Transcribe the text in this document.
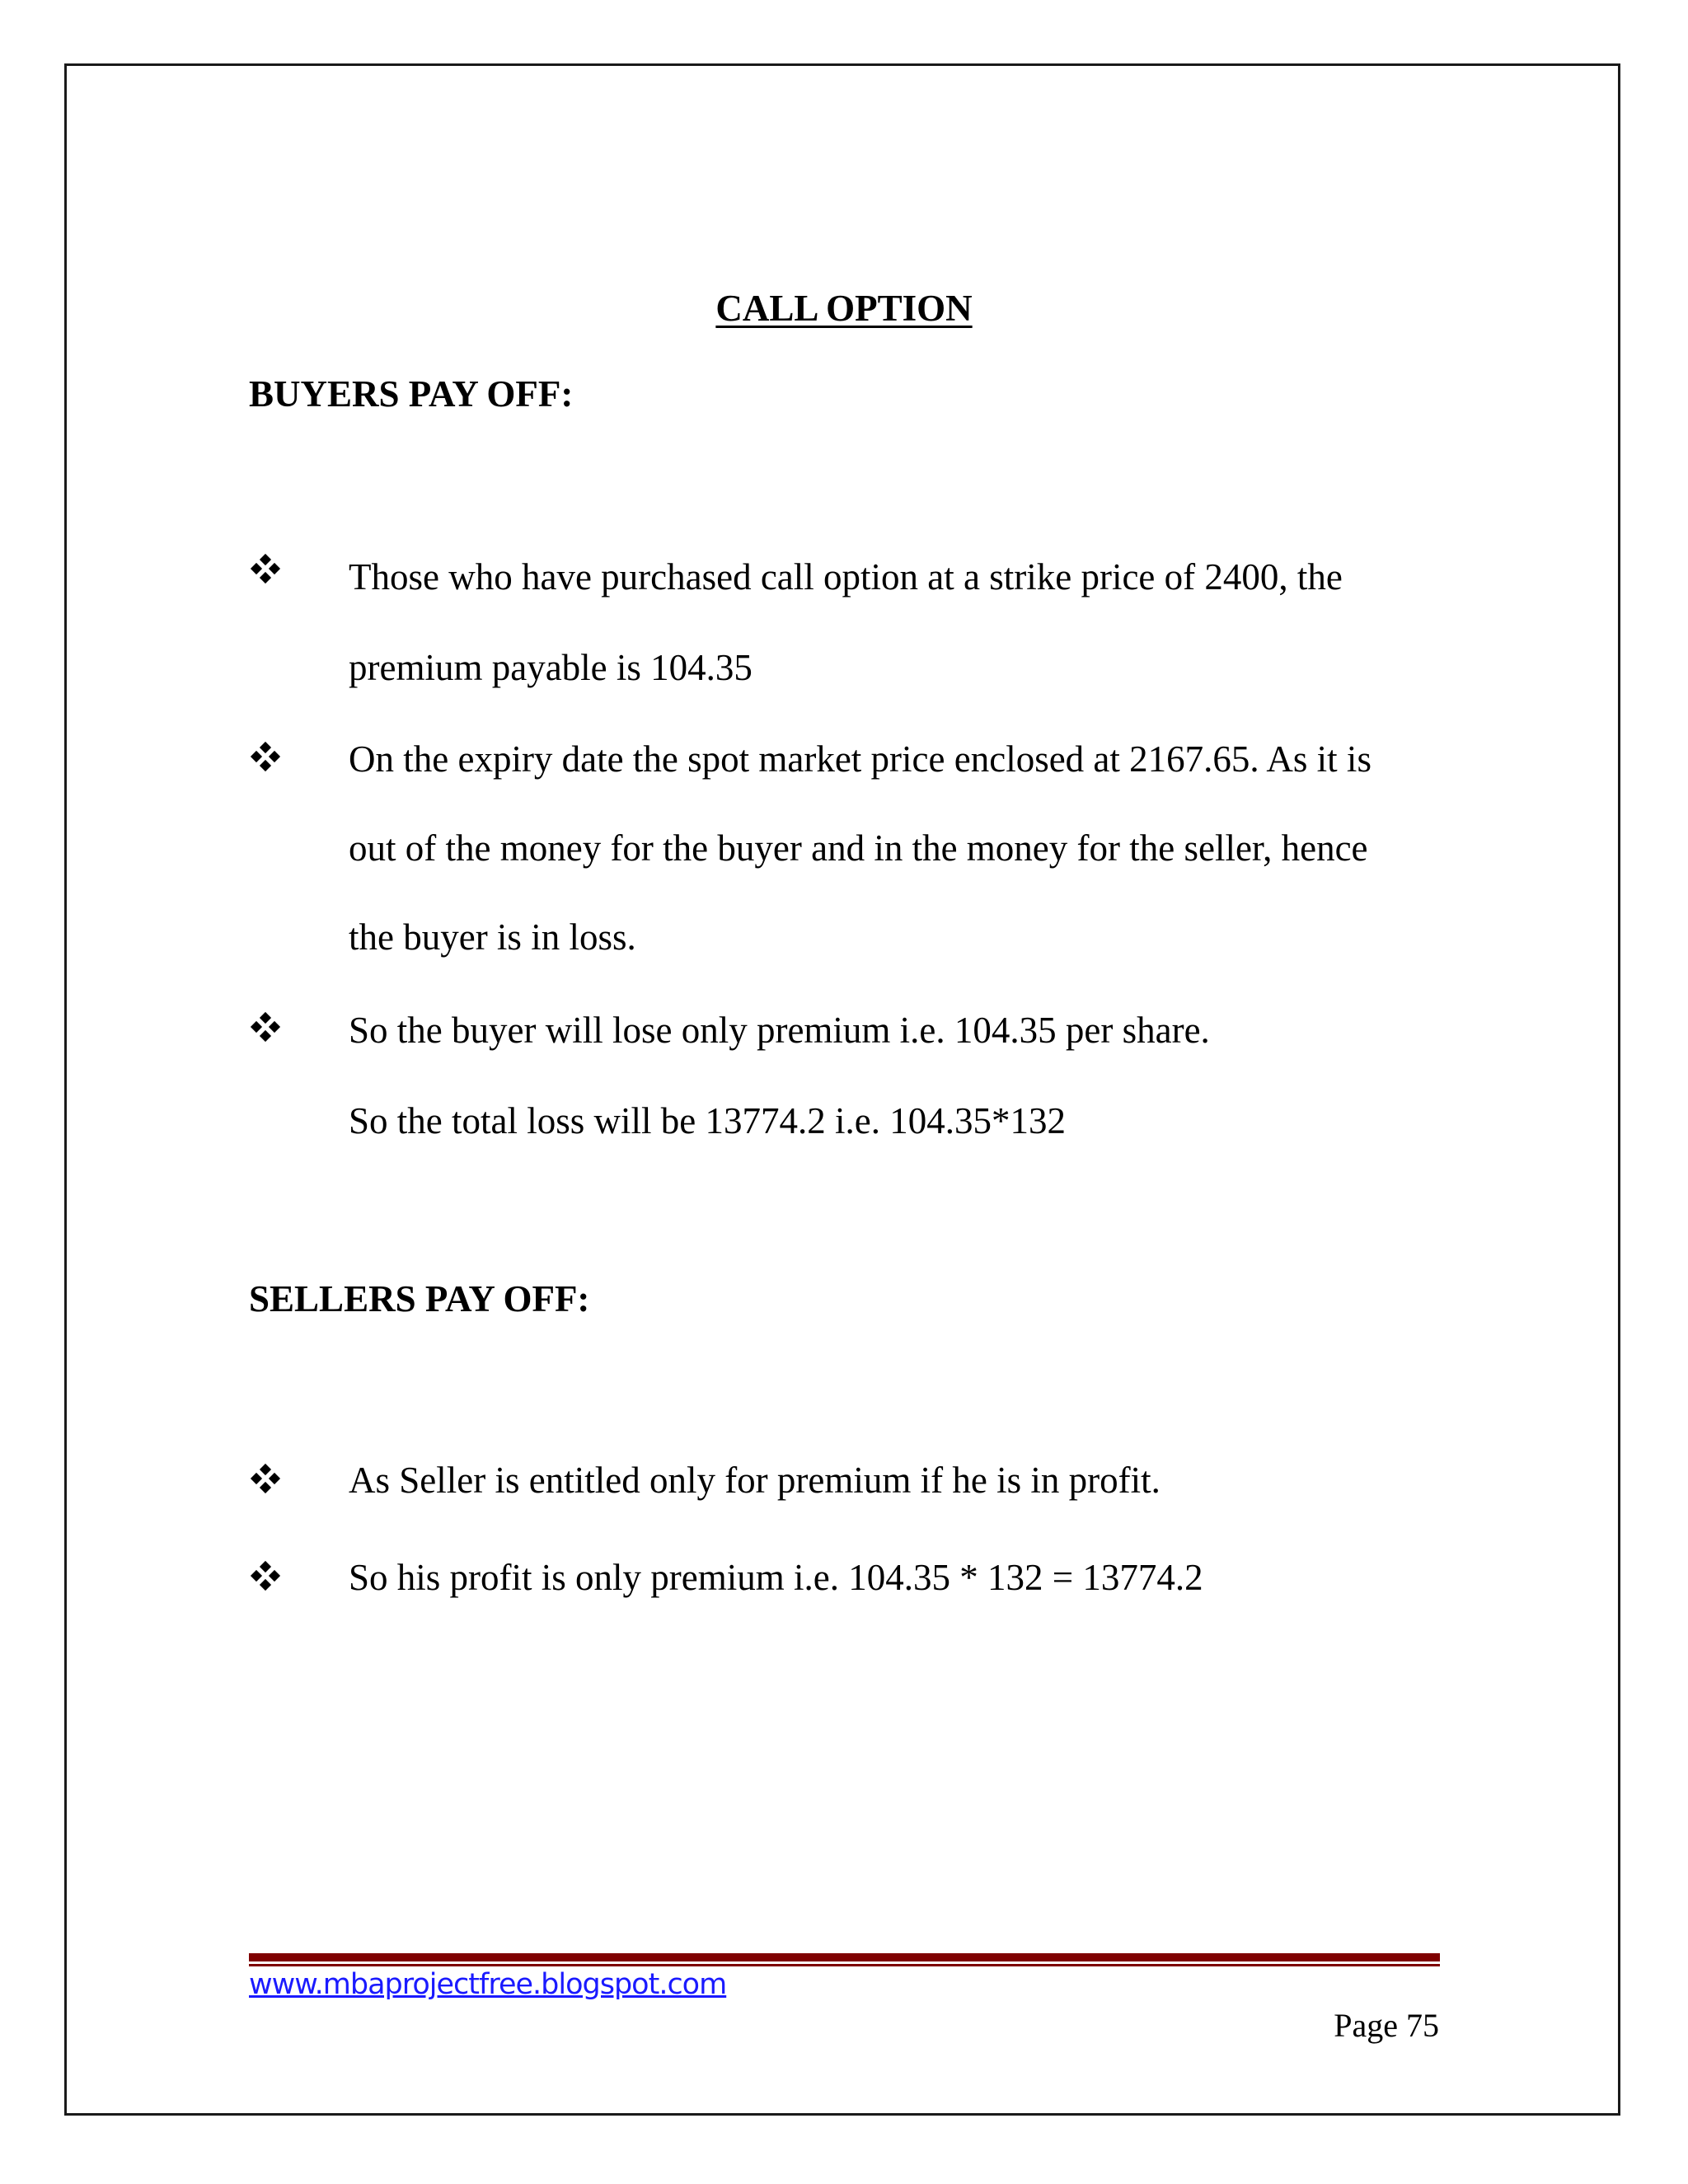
CALL OPTION
BUYERS PAY OFF:
Those who have purchased call option at a strike price of 2400, the
premium payable is 104.35
On the expiry date the spot market price enclosed at 2167.65. As it is
out of the money for the buyer and in the money for the seller, hence
the buyer is in loss.
So the buyer will lose only premium i.e. 104.35 per share.
So the total loss will be 13774.2 i.e. 104.35*132
SELLERS PAY OFF:
As Seller is entitled only for premium if he is in profit.
So his profit is only premium i.e. 104.35 * 132 = 13774.2
www.mbaprojectfree.blogspot.com
Page 75
